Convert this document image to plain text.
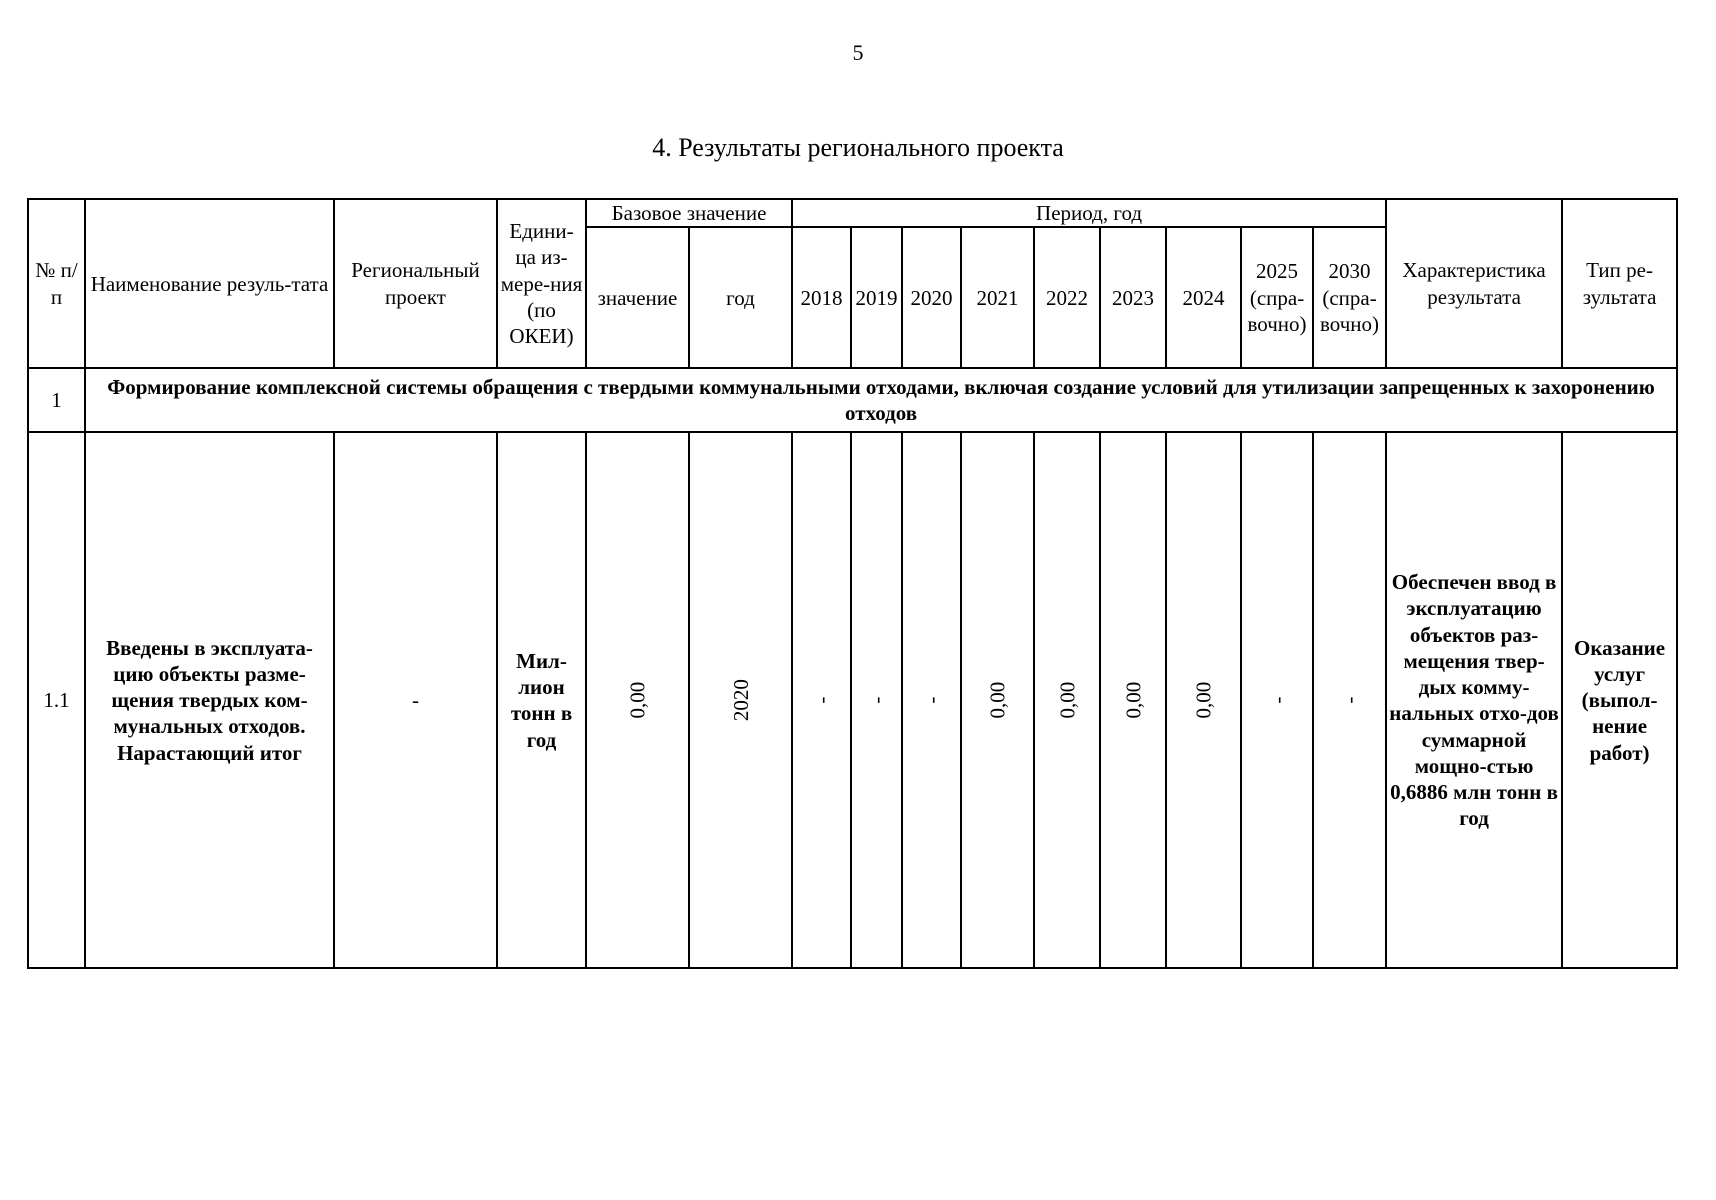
5
4. Результаты регионального проекта
№ п/п	Наименование резуль-тата	Региональный проект	Едини-ца из-мере-ния (по ОКЕИ)	Базовое значение		Период, год									Характеристика результата	Тип ре-зультата
				значение	год	2018	2019	2020	2021	2022	2023	2024	2025 (спра-вочно)	2030 (спра-вочно)		
1	Формирование комплексной системы обращения с твердыми коммунальными отходами, включая создание условий для утилизации запрещенных к захоронению отходов															
1.1	Введены в эксплуата-цию объекты разме-щения твердых ком-мунальных отходов. Нарастающий итог	-	Мил-лион тонн в год	0,00	2020	-	-	-	0,00	0,00	0,00	0,00	-	-	Обеспечен ввод в эксплуатацию объектов раз-мещения твер-дых комму-нальных отхо-дов суммарной мощно-стью 0,6886 млн тонн в год	Оказание услуг (выпол-нение работ)
